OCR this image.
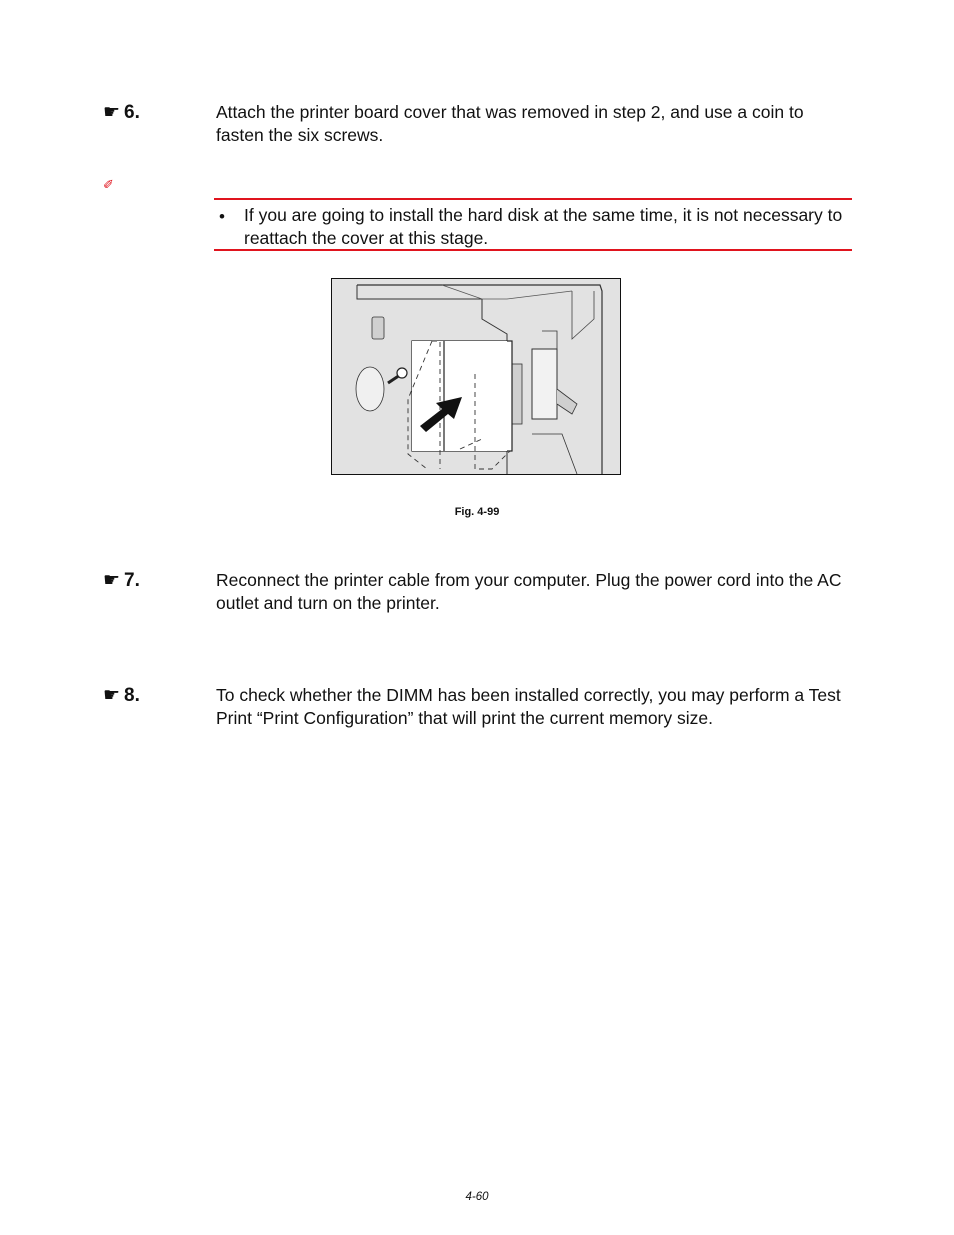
☛ 6.	Attach the printer board cover that was removed in step 2, and use a coin to fasten the six screws.
✐
• If you are going to install the hard disk at the same time, it is not necessary to reattach the cover at this stage.
Fig. 4-99
☛ 7.	Reconnect the printer cable from your computer. Plug the power cord into the AC outlet and turn on the printer.
☛ 8.	To check whether the DIMM has been installed correctly, you may perform a Test Print “Print Configuration” that will print the current memory size.
4-60
